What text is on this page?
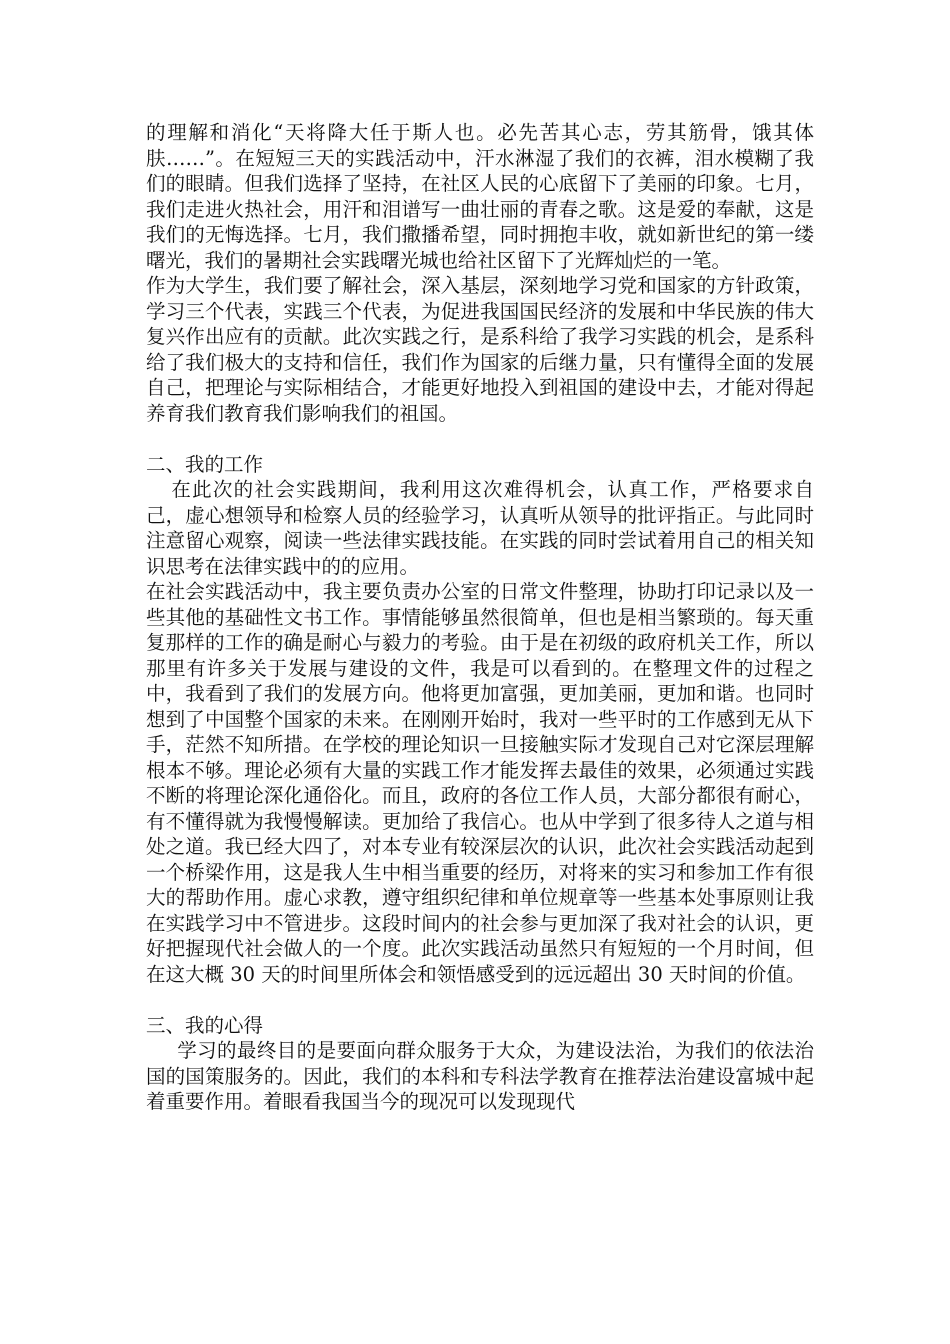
的理解和消化“天将降大任于斯人也。必先苦其心志，劳其筋骨，饿其体肤……”。在短短三天的实践活动中，汗水淋湿了我们的衣裤，泪水模糊了我们的眼睛。但我们选择了坚持，在社区人民的心底留下了美丽的印象。七月，我们走进火热社会，用汗和泪谱写一曲壮丽的青春之歌。这是爱的奉献，这是我们的无悔选择。七月，我们撒播希望，同时拥抱丰收，就如新世纪的第一缕曙光，我们的暑期社会实践曙光城也给社区留下了光辉灿烂的一笔。

作为大学生，我们要了解社会，深入基层，深刻地学习党和国家的方针政策，学习三个代表，实践三个代表，为促进我国国民经济的发展和中华民族的伟大复兴作出应有的贡献。此次实践之行，是系科给了我学习实践的机会，是系科给了我们极大的支持和信任，我们作为国家的后继力量，只有懂得全面的发展自己，把理论与实际相结合，才能更好地投入到祖国的建设中去，才能对得起养育我们教育我们影响我们的祖国。

二、我的工作

在此次的社会实践期间，我利用这次难得机会，认真工作，严格要求自己，虚心想领导和检察人员的经验学习，认真听从领导的批评指正。与此同时注意留心观察，阅读一些法律实践技能。在实践的同时尝试着用自己的相关知识思考在法律实践中的的应用。

在社会实践活动中，我主要负责办公室的日常文件整理，协助打印记录以及一些其他的基础性文书工作。事情能够虽然很简单，但也是相当繁琐的。每天重复那样的工作的确是耐心与毅力的考验。由于是在初级的政府机关工作，所以那里有许多关于发展与建设的文件，我是可以看到的。在整理文件的过程之中，我看到了我们的发展方向。他将更加富强，更加美丽，更加和谐。也同时想到了中国整个国家的未来。在刚刚开始时，我对一些平时的工作感到无从下手，茫然不知所措。在学校的理论知识一旦接触实际才发现自己对它深层理解根本不够。理论必须有大量的实践工作才能发挥去最佳的效果，必须通过实践不断的将理论深化通俗化。而且，政府的各位工作人员，大部分都很有耐心，有不懂得就为我慢慢解读。更加给了我信心。也从中学到了很多待人之道与相处之道。我已经大四了，对本专业有较深层次的认识，此次社会实践活动起到一个桥梁作用，这是我人生中相当重要的经历，对将来的实习和参加工作有很大的帮助作用。虚心求教，遵守组织纪律和单位规章等一些基本处事原则让我在实践学习中不管进步。这段时间内的社会参与更加深了我对社会的认识，更好把握现代社会做人的一个度。此次实践活动虽然只有短短的一个月时间，但在这大概 30 天的时间里所体会和领悟感受到的远远超出 30 天时间的价值。

三、我的心得

学习的最终目的是要面向群众服务于大众，为建设法治，为我们的依法治国的国策服务的。因此，我们的本科和专科法学教育在推荐法治建设富城中起着重要作用。着眼看我国当今的现况可以发现现代
